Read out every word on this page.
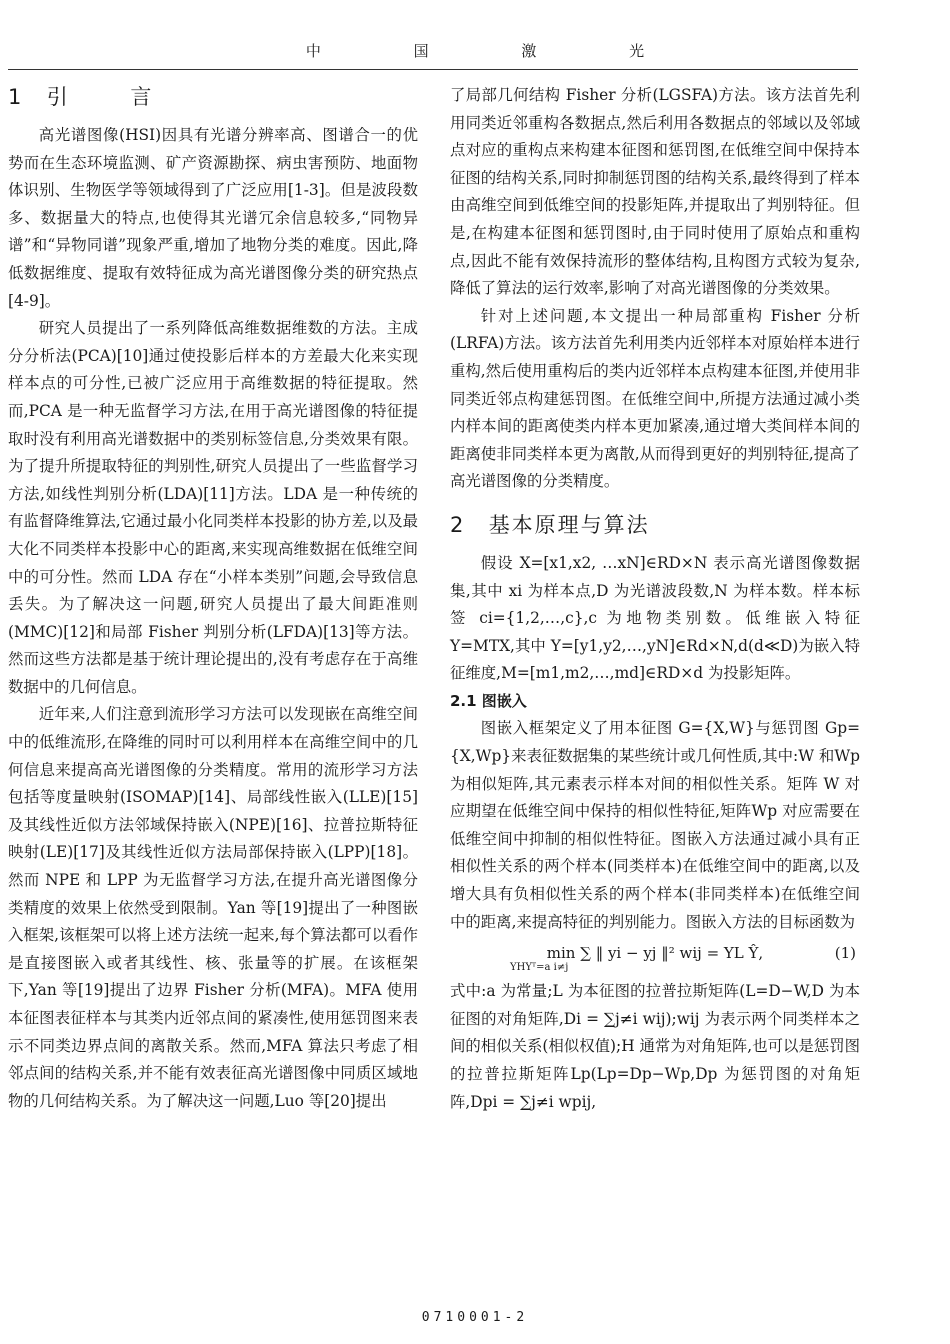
中 国 激 光
1 引 言

高光谱图像(HSI)因具有光谱分辨率高、图谱合一的优势而在生态环境监测、矿产资源勘探、病虫害预防、地面物体识别、生物医学等领域得到了广泛应用[1-3]。但是波段数多、数据量大的特点,也使得其光谱冗余信息较多,“同物异谱”和“异物同谱”现象严重,增加了地物分类的难度。因此,降低数据维度、提取有效特征成为高光谱图像分类的研究热点[4-9]。

研究人员提出了一系列降低高维数据维数的方法。主成分分析法(PCA)[10]通过使投影后样本的方差最大化来实现样本点的可分性,已被广泛应用于高维数据的特征提取。然而,PCA 是一种无监督学习方法,在用于高光谱图像的特征提取时没有利用高光谱数据中的类别标签信息,分类效果有限。为了提升所提取特征的判别性,研究人员提出了一些监督学习方法,如线性判别分析(LDA)[11]方法。LDA 是一种传统的有监督降维算法,它通过最小化同类样本投影的协方差,以及最大化不同类样本投影中心的距离,来实现高维数据在低维空间中的可分性。然而 LDA 存在“小样本类别”问题,会导致信息丢失。为了解决这一问题,研究人员提出了最大间距准则(MMC)[12]和局部 Fisher 判别分析(LFDA)[13]等方法。然而这些方法都是基于统计理论提出的,没有考虑存在于高维数据中的几何信息。

近年来,人们注意到流形学习方法可以发现嵌在高维空间中的低维流形,在降维的同时可以利用样本在高维空间中的几何信息来提高高光谱图像的分类精度。常用的流形学习方法包括等度量映射(ISOMAP)[14]、局部线性嵌入(LLE)[15]及其线性近似方法邻域保持嵌入(NPE)[16]、拉普拉斯特征映射(LE)[17]及其线性近似方法局部保持嵌入(LPP)[18]。然而 NPE 和 LPP 为无监督学习方法,在提升高光谱图像分类精度的效果上依然受到限制。Yan 等[19]提出了一种图嵌入框架,该框架可以将上述方法统一起来,每个算法都可以看作是直接图嵌入或者其线性、核、张量等的扩展。在该框架下,Yan 等[19]提出了边界 Fisher 分析(MFA)。MFA 使用本征图表征样本与其类内近邻点间的紧凑性,使用惩罚图来表示不同类边界点间的离散关系。然而,MFA 算法只考虑了相邻点间的结构关系,并不能有效表征高光谱图像中同质区域地物的几何结构关系。为了解决这一问题,Luo 等[20]提出

了局部几何结构 Fisher 分析(LGSFA)方法。该方法首先利用同类近邻重构各数据点,然后利用各数据点的邻域以及邻域点对应的重构点来构建本征图和惩罚图,在低维空间中保持本征图的结构关系,同时抑制惩罚图的结构关系,最终得到了样本由高维空间到低维空间的投影矩阵,并提取出了判别特征。但是,在构建本征图和惩罚图时,由于同时使用了原始点和重构点,因此不能有效保持流形的整体结构,且构图方式较为复杂,降低了算法的运行效率,影响了对高光谱图像的分类效果。

针对上述问题,本文提出一种局部重构 Fisher 分析(LRFA)方法。该方法首先利用类内近邻样本对原始样本进行重构,然后使用重构后的类内近邻样本点构建本征图,并使用非同类近邻点构建惩罚图。在低维空间中,所提方法通过减小类内样本间的距离使类内样本更加紧凑,通过增大类间样本间的距离使非同类样本更为离散,从而得到更好的判别特征,提高了高光谱图像的分类精度。

2 基本原理与算法

假设 X=[x1,x2, …xN]∈RD×N 表示高光谱图像数据集,其中 xi 为样本点,D 为光谱波段数,N 为样本数。样本标签 ci={1,2,…,c},c 为地物类别数。低维嵌入特征 Y=MTX,其中 Y=[y1,y2,…,yN]∈Rd×N,d(d≪D)为嵌入特征维度,M=[m1,m2,…,md]∈RD×d 为投影矩阵。

2.1 图嵌入

图嵌入框架定义了用本征图 G={X,W}与惩罚图 Gp={X,Wp}来表征数据集的某些统计或几何性质,其中:W 和Wp 为相似矩阵,其元素表示样本对间的相似性关系。矩阵 W 对应期望在低维空间中保持的相似性特征,矩阵Wp 对应需要在低维空间中抑制的相似性特征。图嵌入方法通过减小具有正相似性关系的两个样本(同类样本)在低维空间中的距离,以及增大具有负相似性关系的两个样本(非同类样本)在低维空间中的距离,来提高特征的判别能力。图嵌入方法的目标函数为

min ∑ ‖ yi − yj ‖² wij = YL Ŷ,	(1)
YHYᵀ=a i≠j

式中:a 为常量;L 为本征图的拉普拉斯矩阵(L=D−W,D 为本征图的对角矩阵,Di = ∑j≠i wij);wij 为表示两个同类样本之间的相似关系(相似权值);H 通常为对角矩阵,也可以是惩罚图的拉普拉斯矩阵Lp(Lp=Dp−Wp,Dp 为惩罚图的对角矩阵,Dpi = ∑j≠i wpij,

0710001-2
